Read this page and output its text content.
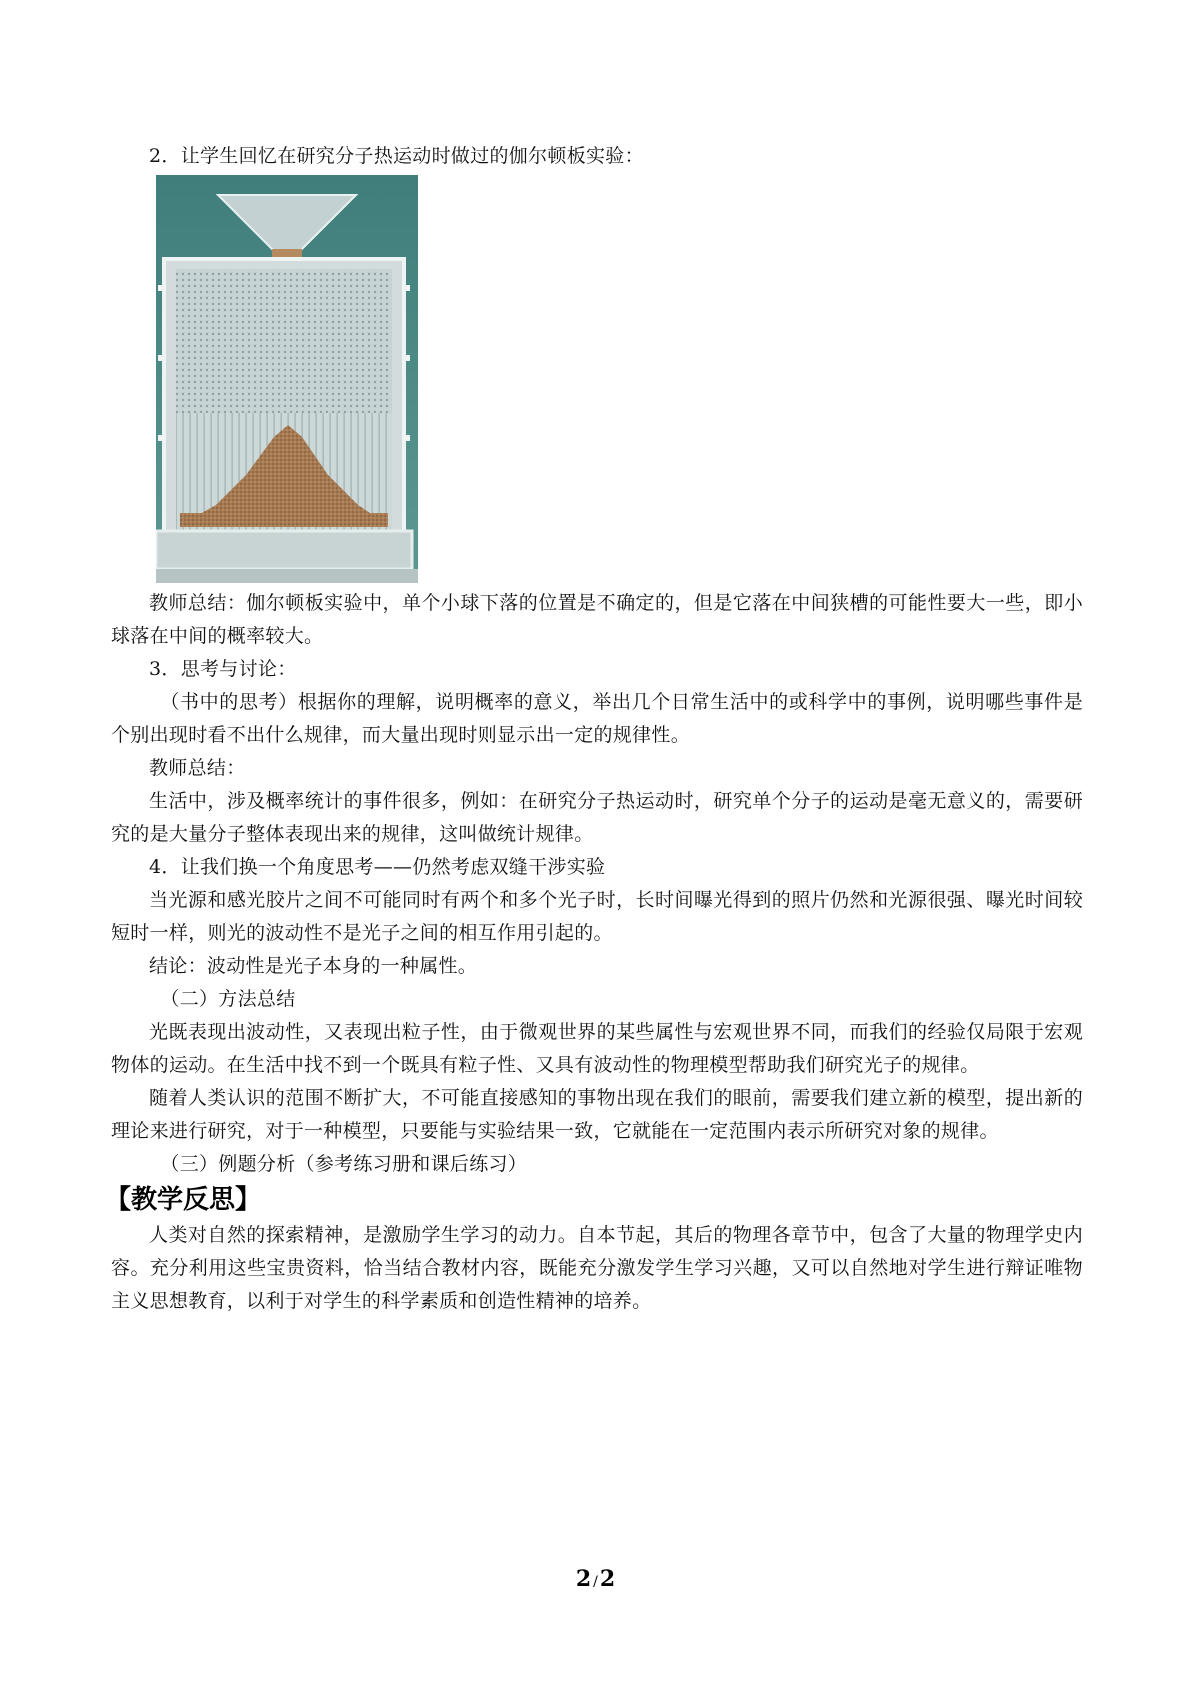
2．让学生回忆在研究分子热运动时做过的伽尔顿板实验：

教师总结：伽尔顿板实验中，单个小球下落的位置是不确定的，但是它落在中间狭槽的可能性要大一些，即小球落在中间的概率较大。

3．思考与讨论：

（书中的思考）根据你的理解，说明概率的意义，举出几个日常生活中的或科学中的事例，说明哪些事件是个别出现时看不出什么规律，而大量出现时则显示出一定的规律性。

教师总结：

生活中，涉及概率统计的事件很多，例如：在研究分子热运动时，研究单个分子的运动是毫无意义的，需要研究的是大量分子整体表现出来的规律，这叫做统计规律。

4．让我们换一个角度思考——仍然考虑双缝干涉实验

当光源和感光胶片之间不可能同时有两个和多个光子时，长时间曝光得到的照片仍然和光源很强、曝光时间较短时一样，则光的波动性不是光子之间的相互作用引起的。

结论：波动性是光子本身的一种属性。

（二）方法总结

光既表现出波动性，又表现出粒子性，由于微观世界的某些属性与宏观世界不同，而我们的经验仅局限于宏观物体的运动。在生活中找不到一个既具有粒子性、又具有波动性的物理模型帮助我们研究光子的规律。

随着人类认识的范围不断扩大，不可能直接感知的事物出现在我们的眼前，需要我们建立新的模型，提出新的理论来进行研究，对于一种模型，只要能与实验结果一致，它就能在一定范围内表示所研究对象的规律。

（三）例题分析（参考练习册和课后练习）

【教学反思】

人类对自然的探索精神，是激励学生学习的动力。自本节起，其后的物理各章节中，包含了大量的物理学史内容。充分利用这些宝贵资料，恰当结合教材内容，既能充分激发学生学习兴趣，又可以自然地对学生进行辩证唯物主义思想教育，以利于对学生的科学素质和创造性精神的培养。

2 /2
